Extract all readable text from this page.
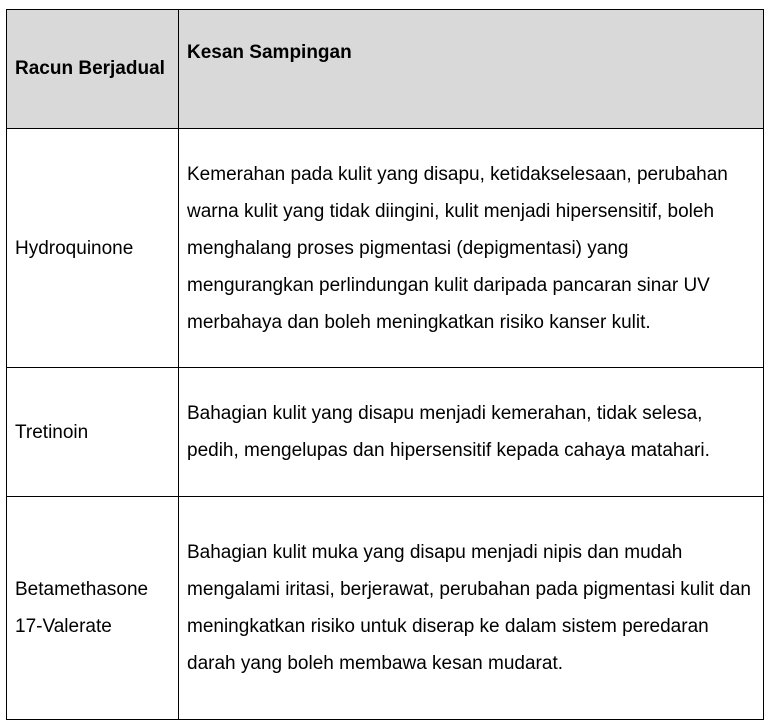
Racun Berjadual	Kesan Sampingan
Hydroquinone	Kemerahan pada kulit yang disapu, ketidakselesaan, perubahan warna kulit yang tidak diingini, kulit menjadi hipersensitif, boleh menghalang proses pigmentasi (depigmentasi) yang mengurangkan perlindungan kulit daripada pancaran sinar UV merbahaya dan boleh meningkatkan risiko kanser kulit.
Tretinoin	Bahagian kulit yang disapu menjadi kemerahan, tidak selesa, pedih, mengelupas dan hipersensitif kepada cahaya matahari.
Betamethasone 17-Valerate	Bahagian kulit muka yang disapu menjadi nipis dan mudah mengalami iritasi, berjerawat, perubahan pada pigmentasi kulit dan meningkatkan risiko untuk diserap ke dalam sistem peredaran darah yang boleh membawa kesan mudarat.
